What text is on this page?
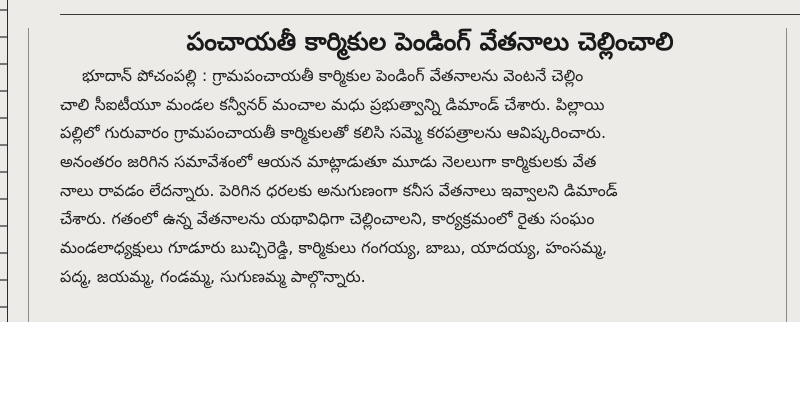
పంచాయతీ కార్మికుల పెండింగ్ వేతనాలు చెల్లించాలి
భూదాన్ పోచంపల్లి : గ్రామపంచాయతీ కార్మికుల పెండింగ్ వేతనాలను వెంటనే చెల్లిం
చాలి సీఐటీయూ మండల కన్వీనర్ మంచాల మధు ప్రభుత్వాన్ని డిమాండ్ చేశారు. పిల్లాయి
పల్లిలో గురువారం గ్రామపంచాయతీ కార్మికులతో కలిసి సమ్మె కరపత్రాలను ఆవిష్కరించారు.
అనంతరం జరిగిన సమావేశంలో ఆయన మాట్లాడుతూ మూడు నెలలుగా కార్మికులకు వేత
నాలు రావడం లేదన్నారు. పెరిగిన ధరలకు అనుగుణంగా కనీస వేతనాలు ఇవ్వాలని డిమాండ్
చేశారు. గతంలో ఉన్న వేతనాలను యథావిధిగా చెల్లించాలని, కార్యక్రమంలో రైతు సంఘం
మండలాధ్యక్షులు గూడూరు బుచ్చిరెడ్డి, కార్మికులు గంగయ్య, బాబు, యాదయ్య, హంసమ్మ,
పద్మ, జయమ్మ, గండమ్మ, సుగుణమ్మ పాల్గొన్నారు.
